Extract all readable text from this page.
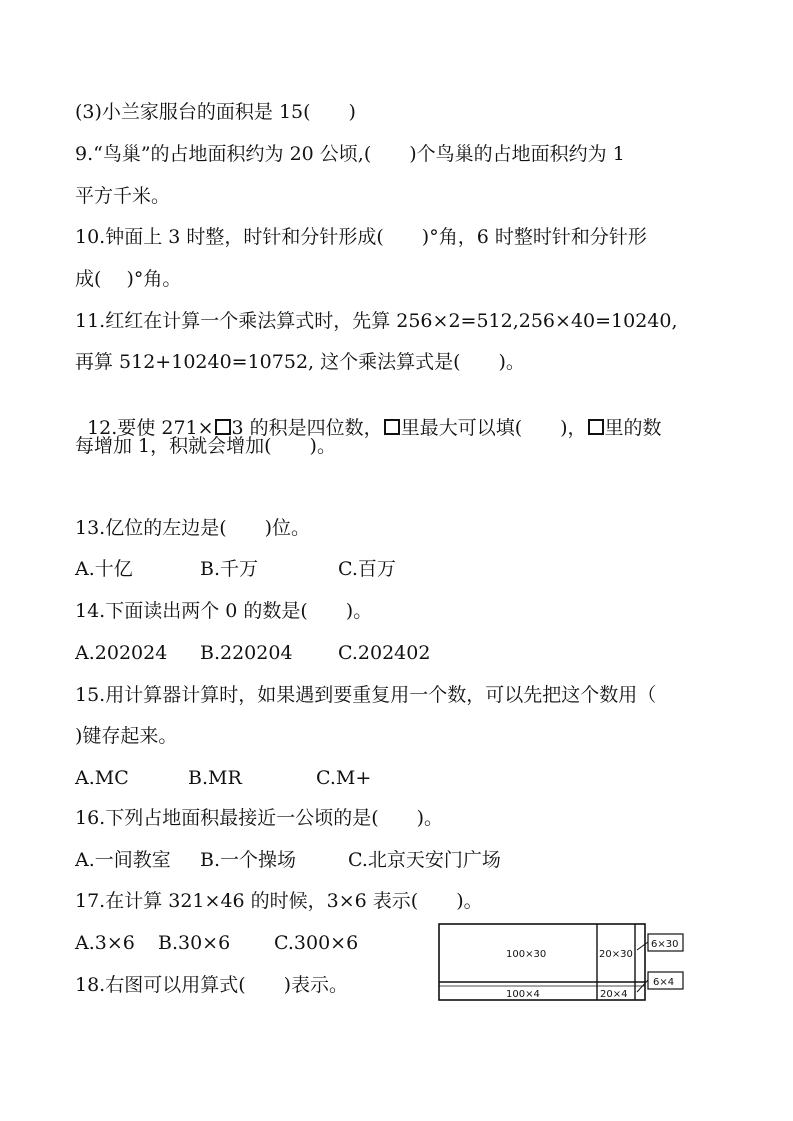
(3)小兰家服台的面积是 15(　　)
9.“鸟巢”的占地面积约为 20 公顷,(　　)个鸟巢的占地面积约为 1
平方千米。
10.钟面上 3 时整，时针和分针形成(　　)°角，6 时整时针和分针形
成(　 )°角。
11.红红在计算一个乘法算式时，先算 256×2=512,256×40=10240,
再算 512+10240=10752, 这个乘法算式是(　　)。

12.要使 271× 3 的积是四位数， 里最大可以填(　　)， 里的数

每增加 1，积就会增加(　　)。
13.亿位的左边是(　　)位。
A.十亿	B.千万	C.百万
14.下面读出两个 0 的数是(　　)。
A.202024 B.220204 C.202402
15.用计算器计算时，如果遇到要重复用一个数，可以先把这个数用（
)键存起来。
A.MC	B.MR	C.M+
16.下列占地面积最接近一公顷的是(　　)。
A.一间教室 B.一个操场	C.北京天安门广场
17.在计算 321×46 的时候，3×6 表示(　　)。
A.3×6 B.30×6 C.300×6
18.右图可以用算式(　　)表示。
100×30	20×30
100×4	20×4
6×30
6×4
